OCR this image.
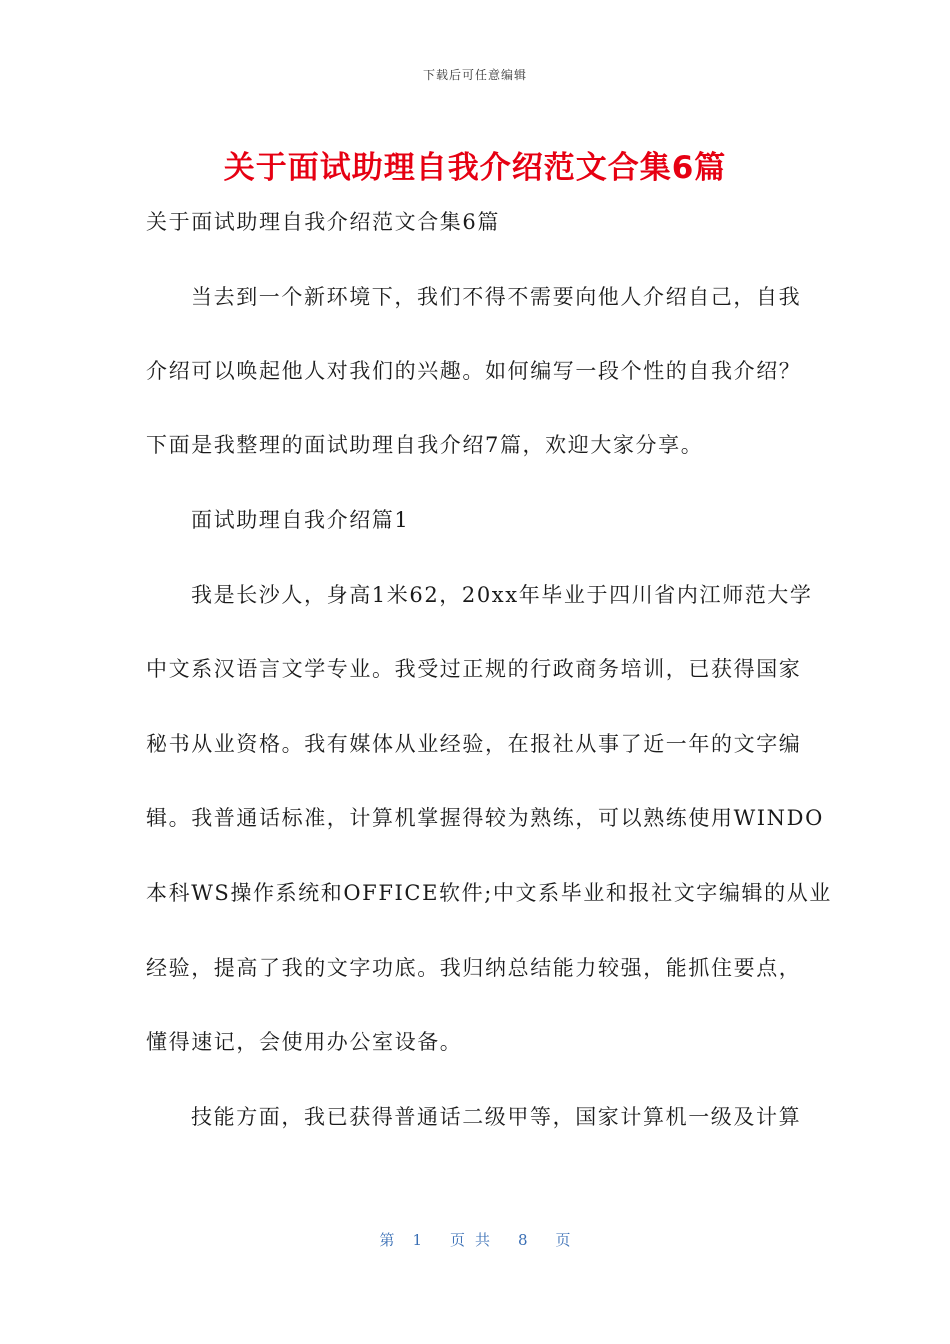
下载后可任意编辑
关于面试助理自我介绍范文合集6篇
关于面试助理自我介绍范文合集6篇
当去到一个新环境下，我们不得不需要向他人介绍自己，自我
介绍可以唤起他人对我们的兴趣。如何编写一段个性的自我介绍？
下面是我整理的面试助理自我介绍7篇，欢迎大家分享。
面试助理自我介绍篇1
我是长沙人，身高1米62，20xx年毕业于四川省内江师范大学
中文系汉语言文学专业。我受过正规的行政商务培训，已获得国家
秘书从业资格。我有媒体从业经验，在报社从事了近一年的文字编
辑。我普通话标准，计算机掌握得较为熟练，可以熟练使用WINDO
本科WS操作系统和OFFICE软件;中文系毕业和报社文字编辑的从业
经验，提高了我的文字功底。我归纳总结能力较强，能抓住要点，
懂得速记，会使用办公室设备。
技能方面，我已获得普通话二级甲等，国家计算机一级及计算
第 1 页共 8 页
